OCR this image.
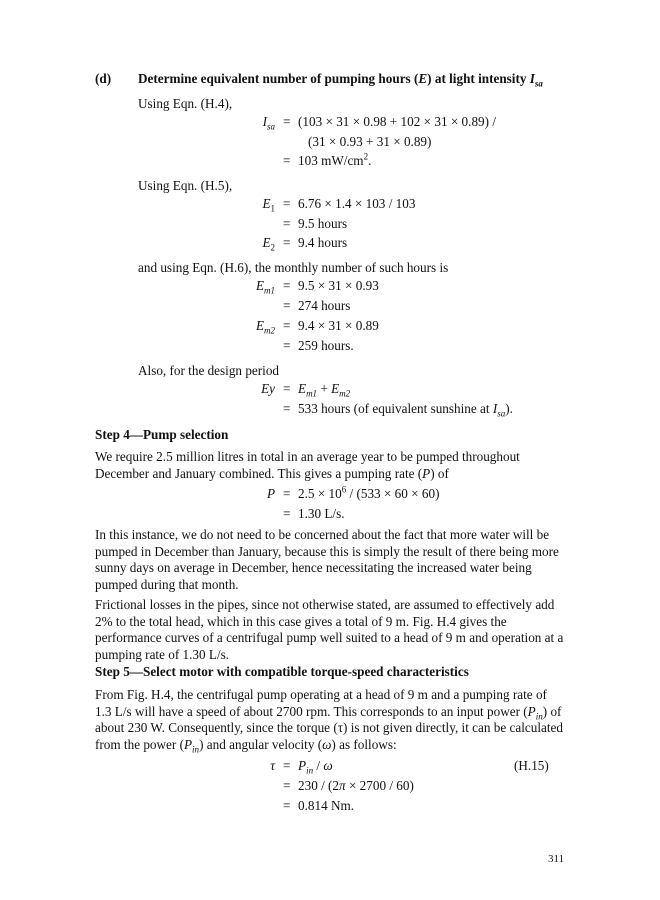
(d) Determine equivalent number of pumping hours (E) at light intensity $I_{sa}$
Using Eqn. (H.4),
$I_{sa} = (103 \times 31 \times 0.98 + 102 \times 31 \times 0.89)$ /
(31 × 0.93 + 31 × 0.89)
= 103 $mW/cm^2$.
Using Eqn. (H.5),
$E_1 = 6.76 \times 1.4 \times 103 / 103$
= 9.5 hours
$E_2 = 9.4$ hours
and using Eqn. (H.6), the monthly number of such hours is
$E_{m1} = 9.5 \times 31 \times 0.93$
= 274 hours
$E_{m2} = 9.4 \times 31 \times 0.89$
= 259 hours.
Also, for the design period
$Ey = E_{m1} + E_{m2}$
= 533 hours (of equivalent sunshine at $I_{sa}$).
Step 4—Pump selection
We require 2.5 million litres in total in an average year to be pumped throughout December and January combined. This gives a pumping rate (P) of
$P = 2.5 \times 10^6 / (533 \times 60 \times 60)$
= 1.30 L/s.
In this instance, we do not need to be concerned about the fact that more water will be pumped in December than January, because this is simply the result of there being more sunny days on average in December, hence necessitating the increased water being pumped during that month.
Frictional losses in the pipes, since not otherwise stated, are assumed to effectively add 2% to the total head, which in this case gives a total of 9 m. Fig. H.4 gives the performance curves of a centrifugal pump well suited to a head of 9 m and operation at a pumping rate of 1.30 L/s.
Step 5—Select motor with compatible torque-speed characteristics
From Fig. H.4, the centrifugal pump operating at a head of 9 m and a pumping rate of 1.3 L/s will have a speed of about 2700 rpm. This corresponds to an input power $(P_{in})$ of about 230 W. Consequently, since the torque (τ) is not given directly, it can be calculated from the power $(P_{in})$ and angular velocity (ω) as follows:
$\tau = P_{in} / \omega$	(H.15)
= 230 / (2π × 2700 / 60)
= 0.814 Nm.
311
